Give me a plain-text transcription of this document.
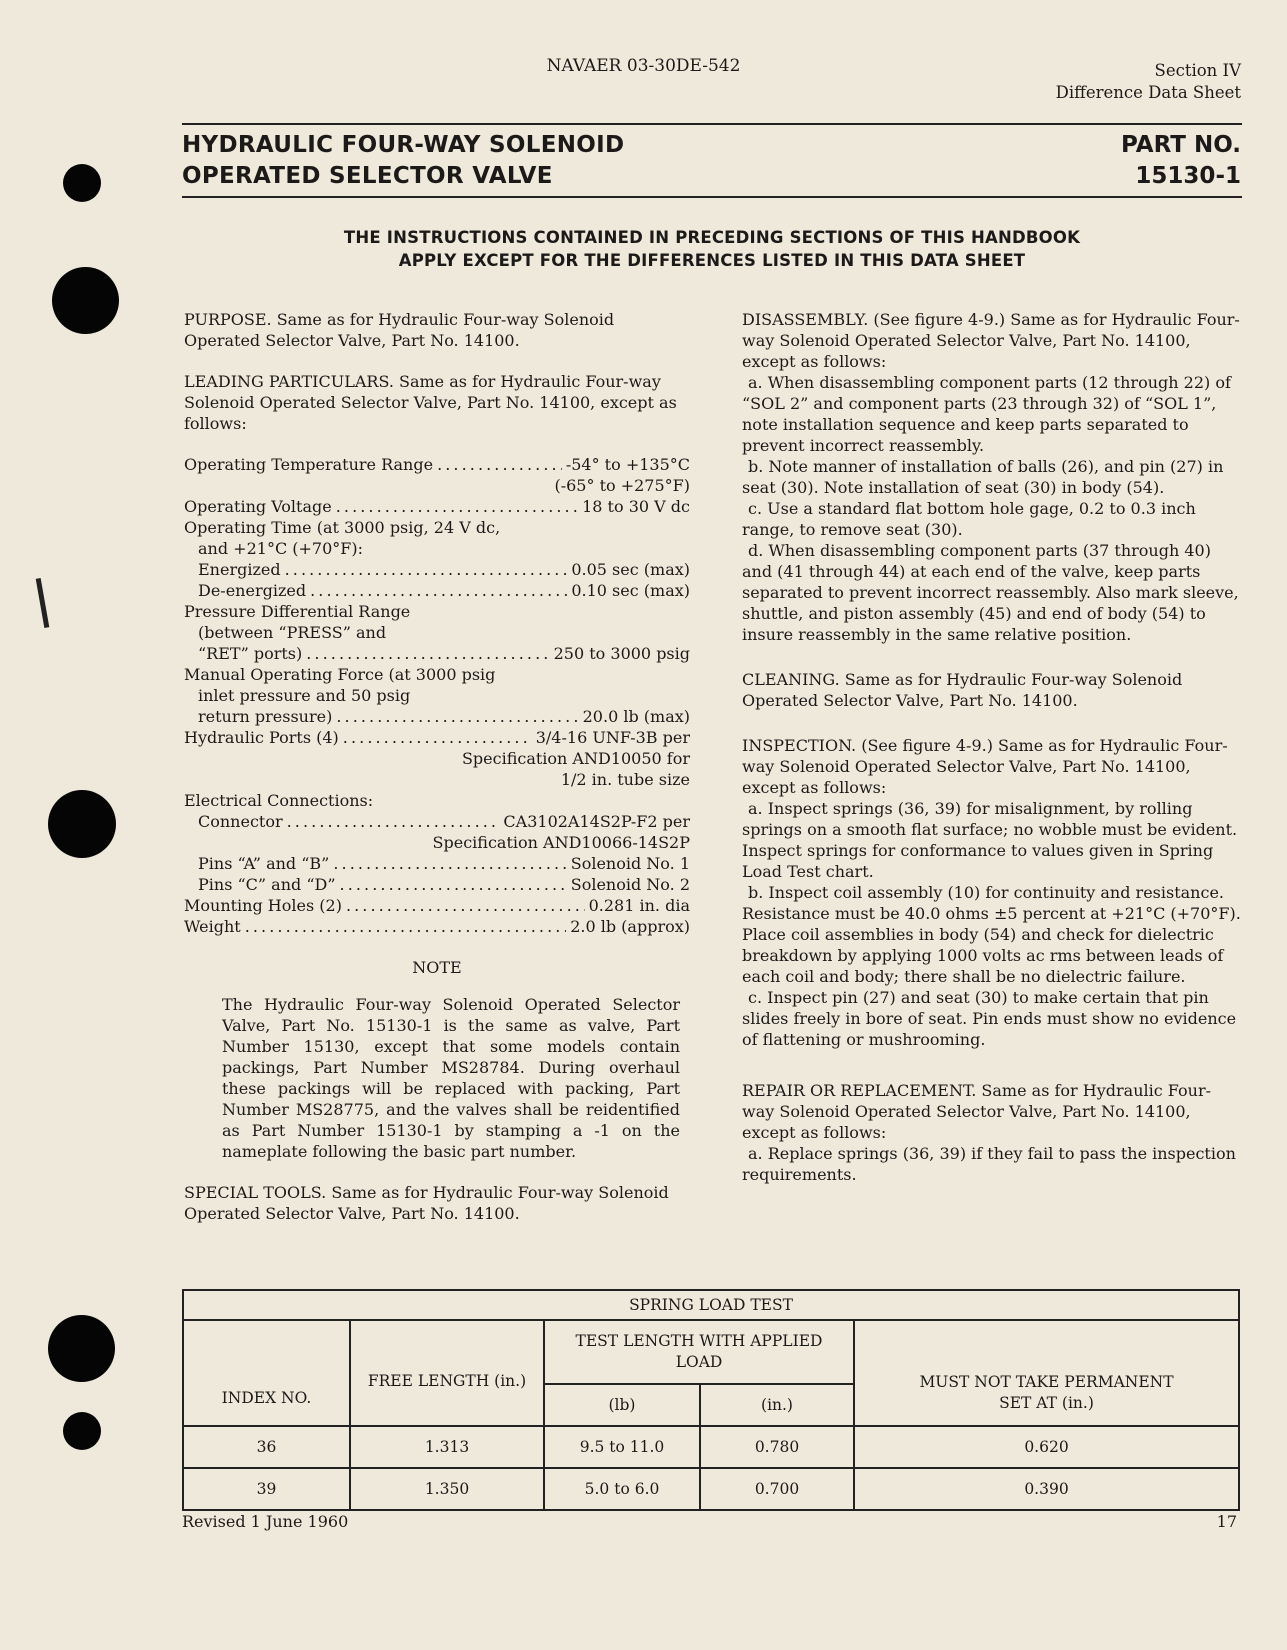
NAVAER 03-30DE-542	Section IV
Difference Data Sheet
HYDRAULIC FOUR-WAY SOLENOID
OPERATED SELECTOR VALVE
PART NO.
15130-1
THE INSTRUCTIONS CONTAINED IN PRECEDING SECTIONS OF THIS HANDBOOK
APPLY EXCEPT FOR THE DIFFERENCES LISTED IN THIS DATA SHEET

PURPOSE. Same as for Hydraulic Four-way Solenoid Operated Selector Valve, Part No. 14100.

LEADING PARTICULARS. Same as for Hydraulic Four-way Solenoid Operated Selector Valve, Part No. 14100, except as follows:

Operating Temperature Range . . .	-54° to +135°C
(-65° to +275°F)
Operating Voltage . . .	18 to 30 V dc
Operating Time (at 3000 psig, 24 V dc,
and +21°C (+70°F):
Energized . . .	0.05 sec (max)
De-energized . . .	0.10 sec (max)
Pressure Differential Range
(between “PRESS” and
“RET” ports) . . .	250 to 3000 psig
Manual Operating Force (at 3000 psig
inlet pressure and 50 psig
return pressure) . . .	20.0 lb (max)
Hydraulic Ports (4) . . .	3/4-16 UNF-3B per
Specification AND10050 for
1/2 in. tube size
Electrical Connections:
Connector . . .	CA3102A14S2P-F2 per
Specification AND10066-14S2P
Pins “A” and “B” . . .	Solenoid No. 1
Pins “C” and “D” . . .	Solenoid No. 2
Mounting Holes (2) . . .	0.281 in. dia
Weight . . .	2.0 lb (approx)

NOTE

The Hydraulic Four-way Solenoid Operated Selector Valve, Part No. 15130-1 is the same as valve, Part Number 15130, except that some models contain packings, Part Number MS28784. During overhaul these packings will be replaced with packing, Part Number MS28775, and the valves shall be reidentified as Part Number 15130-1 by stamping a -1 on the nameplate following the basic part number.

SPECIAL TOOLS. Same as for Hydraulic Four-way Solenoid Operated Selector Valve, Part No. 14100.

DISASSEMBLY. (See figure 4-9.) Same as for Hydraulic Four-way Solenoid Operated Selector Valve, Part No. 14100, except as follows:

a. When disassembling component parts (12 through 22) of “SOL 2” and component parts (23 through 32) of “SOL 1”, note installation sequence and keep parts separated to prevent incorrect reassembly.

b. Note manner of installation of balls (26), and pin (27) in seat (30). Note installation of seat (30) in body (54).

c. Use a standard flat bottom hole gage, 0.2 to 0.3 inch range, to remove seat (30).

d. When disassembling component parts (37 through 40) and (41 through 44) at each end of the valve, keep parts separated to prevent incorrect reassembly. Also mark sleeve, shuttle, and piston assembly (45) and end of body (54) to insure reassembly in the same relative position.

CLEANING. Same as for Hydraulic Four-way Solenoid Operated Selector Valve, Part No. 14100.

INSPECTION. (See figure 4-9.) Same as for Hydraulic Four-way Solenoid Operated Selector Valve, Part No. 14100, except as follows:

a. Inspect springs (36, 39) for misalignment, by rolling springs on a smooth flat surface; no wobble must be evident. Inspect springs for conformance to values given in Spring Load Test chart.

b. Inspect coil assembly (10) for continuity and resistance. Resistance must be 40.0 ohms ±5 percent at +21°C (+70°F). Place coil assemblies in body (54) and check for dielectric breakdown by applying 1000 volts ac rms between leads of each coil and body; there shall be no dielectric failure.

c. Inspect pin (27) and seat (30) to make certain that pin slides freely in bore of seat. Pin ends must show no evidence of flattening or mushrooming.

REPAIR OR REPLACEMENT. Same as for Hydraulic Four-way Solenoid Operated Selector Valve, Part No. 14100, except as follows:

a. Replace springs (36, 39) if they fail to pass the inspection requirements.

SPRING LOAD TEST				
INDEX NO.	FREE LENGTH (in.)	TEST LENGTH WITH APPLIED LOAD		MUST NOT TAKE PERMANENT SET AT (in.)
		(lb)	(in.)	
36	1.313	9.5 to 11.0	0.780	0.620
39	1.350	5.0 to 6.0	0.700	0.390
Revised 1 June 1960	17
